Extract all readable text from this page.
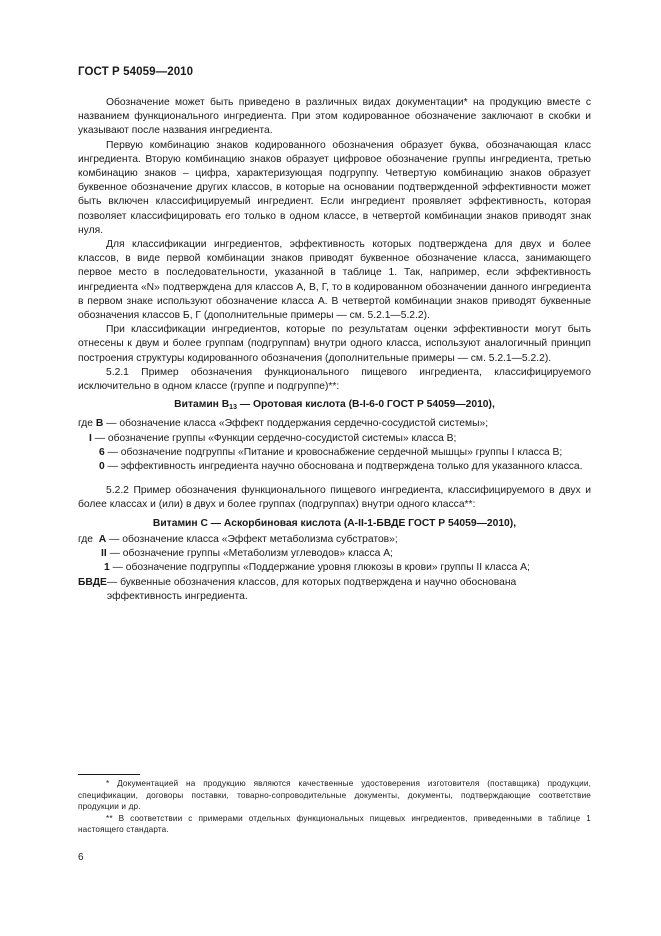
ГОСТ Р 54059—2010

Обозначение может быть приведено в различных видах документации* на продукцию вместе с названием функционального ингредиента. При этом кодированное обозначение заключают в скобки и указывают после названия ингредиента.

Первую комбинацию знаков кодированного обозначения образует буква, обозначающая класс ингредиента. Вторую комбинацию знаков образует цифровое обозначение группы ингредиента, третью комбинацию знаков – цифра, характеризующая подгруппу. Четвертую комбинацию знаков образует буквенное обозначение других классов, в которые на основании подтвержденной эффективности может быть включен классифицируемый ингредиент. Если ингредиент проявляет эффективность, которая позволяет классифицировать его только в одном классе, в четвертой комбинации знаков приводят знак нуля.

Для классификации ингредиентов, эффективность которых подтверждена для двух и более классов, в виде первой комбинации знаков приводят буквенное обозначение класса, занимающего первое место в последовательности, указанной в таблице 1. Так, например, если эффективность ингредиента «N» подтверждена для классов А, В, Г, то в кодированном обозначении данного ингредиента в первом знаке используют обозначение класса А. В четвертой комбинации знаков приводят буквенные обозначения классов Б, Г (дополнительные примеры — см. 5.2.1—5.2.2).

При классификации ингредиентов, которые по результатам оценки эффективности могут быть отнесены к двум и более группам (подгруппам) внутри одного класса, используют аналогичный принцип построения структуры кодированного обозначения (дополнительные примеры — см. 5.2.1—5.2.2).

5.2.1 Пример обозначения функционального пищевого ингредиента, классифицируемого исключительно в одном классе (группе и подгруппе)**:

Витамин $В_{13}$ — Оротовая кислота (B-I-6-0 ГОСТ Р 54059—2010),

где В — обозначение класса «Эффект поддержания сердечно-сосудистой системы»;

I — обозначение группы «Функции сердечно-сосудистой системы» класса В;

6 — обозначение подгруппы «Питание и кровоснабжение сердечной мышцы» группы I класса В;

0 — эффективность ингредиента научно обоснована и подтверждена только для указанного класса.

5.2.2 Пример обозначения функционального пищевого ингредиента, классифицируемого в двух и более классах и (или) в двух и более группах (подгруппах) внутри одного класса**:

Витамин С — Аскорбиновая кислота (A-II-1-БВДЕ ГОСТ Р 54059—2010),

где А — обозначение класса «Эффект метаболизма субстратов»;

II — обозначение группы «Метаболизм углеводов» класса А;

1 — обозначение подгруппы «Поддержание уровня глюкозы в крови» группы II класса А;

БВДЕ — буквенные обозначения классов, для которых подтверждена и научно обоснована эффективность ингредиента.

* Документацией на продукцию являются качественные удостоверения изготовителя (поставщика) продукции, спецификации, договоры поставки, товарно-сопроводительные документы, документы, подтверждающие соответствие продукции и др.

** В соответствии с примерами отдельных функциональных пищевых ингредиентов, приведенными в таблице 1 настоящего стандарта.

6
